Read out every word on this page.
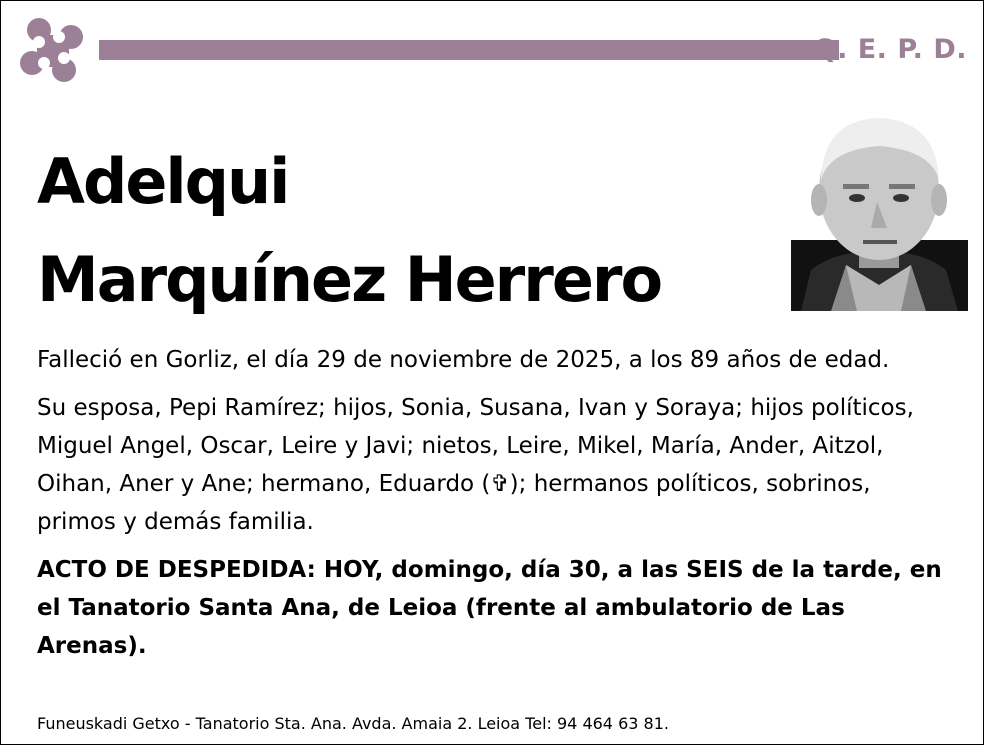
Q. E. P. D.
Adelqui
Marquínez Herrero

Falleció en Gorliz, el día 29 de noviembre de 2025, a los 89 años de edad.

Su esposa, Pepi Ramírez; hijos, Sonia, Susana, Ivan y Soraya; hijos políticos, Miguel Angel, Oscar, Leire y Javi; nietos, Leire, Mikel, María, Ander, Aitzol, Oihan, Aner y Ane; hermano, Eduardo (✞); hermanos políticos, sobrinos, primos y demás familia.

ACTO DE DESPEDIDA: HOY, domingo, día 30, a las SEIS de la tarde, en el Tanatorio Santa Ana, de Leioa (frente al ambulatorio de Las Arenas).

Funeuskadi Getxo - Tanatorio Sta. Ana. Avda. Amaia 2. Leioa Tel: 94 464 63 81.
